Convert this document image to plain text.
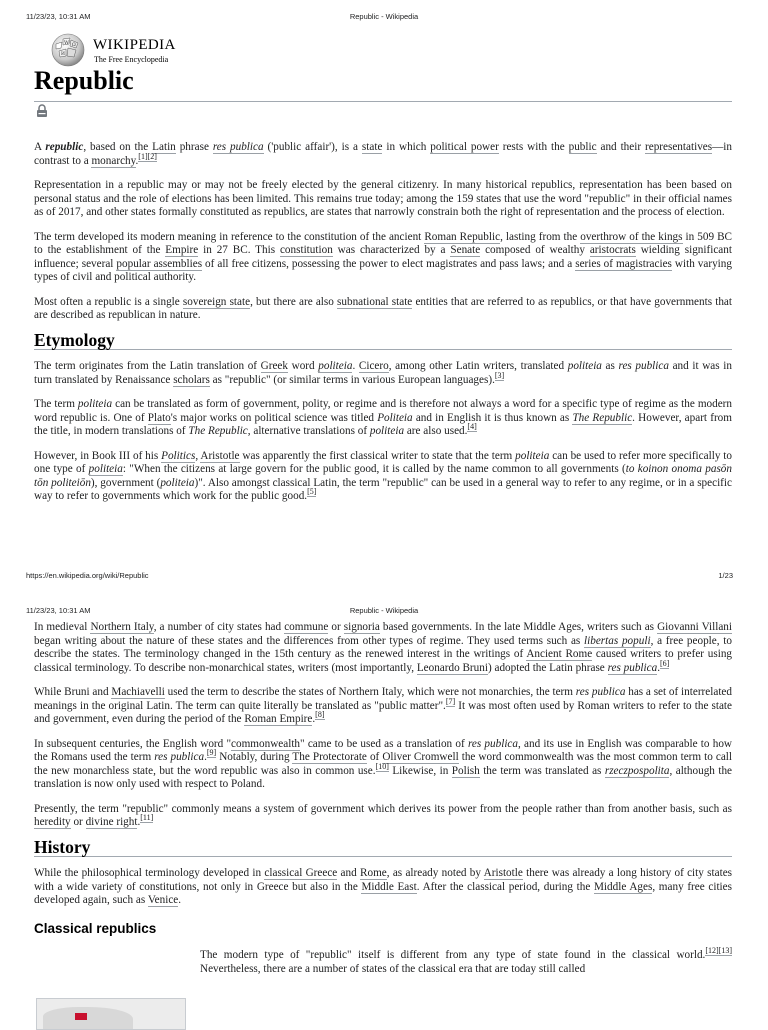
11/23/23, 10:31 AM	Republic - Wikipedia
W Ω
И
WIKIPEDIA
The Free Encyclopedia
Republic

A republic, based on the Latin phrase res publica ('public affair'), is a state in which political power rests with the public and their representatives—in contrast to a monarchy.[1][2]

Representation in a republic may or may not be freely elected by the general citizenry. In many historical republics, representation has been based on personal status and the role of elections has been limited. This remains true today; among the 159 states that use the word "republic" in their official names as of 2017, and other states formally constituted as republics, are states that narrowly constrain both the right of representation and the process of election.

The term developed its modern meaning in reference to the constitution of the ancient Roman Republic, lasting from the overthrow of the kings in 509 BC to the establishment of the Empire in 27 BC. This constitution was characterized by a Senate composed of wealthy aristocrats wielding significant influence; several popular assemblies of all free citizens, possessing the power to elect magistrates and pass laws; and a series of magistracies with varying types of civil and political authority.

Most often a republic is a single sovereign state, but there are also subnational state entities that are referred to as republics, or that have governments that are described as republican in nature.

Etymology

The term originates from the Latin translation of Greek word politeia. Cicero, among other Latin writers, translated politeia as res publica and it was in turn translated by Renaissance scholars as "republic" (or similar terms in various European languages).[3]

The term politeia can be translated as form of government, polity, or regime and is therefore not always a word for a specific type of regime as the modern word republic is. One of Plato's major works on political science was titled Politeia and in English it is thus known as The Republic. However, apart from the title, in modern translations of The Republic, alternative translations of politeia are also used.[4]

However, in Book III of his Politics, Aristotle was apparently the first classical writer to state that the term politeia can be used to refer more specifically to one type of politeia: "When the citizens at large govern for the public good, it is called by the name common to all governments (to koinon onoma pasōn tōn politeiōn), government (politeia)". Also amongst classical Latin, the term "republic" can be used in a general way to refer to any regime, or in a specific way to refer to governments which work for the public good.[5]

https://en.wikipedia.org/wiki/Republic	1/23
11/23/23, 10:31 AM	Republic - Wikipedia

In medieval Northern Italy, a number of city states had commune or signoria based governments. In the late Middle Ages, writers such as Giovanni Villani began writing about the nature of these states and the differences from other types of regime. They used terms such as libertas populi, a free people, to describe the states. The terminology changed in the 15th century as the renewed interest in the writings of Ancient Rome caused writers to prefer using classical terminology. To describe non-monarchical states, writers (most importantly, Leonardo Bruni) adopted the Latin phrase res publica.[6]

While Bruni and Machiavelli used the term to describe the states of Northern Italy, which were not monarchies, the term res publica has a set of interrelated meanings in the original Latin. The term can quite literally be translated as "public matter".[7] It was most often used by Roman writers to refer to the state and government, even during the period of the Roman Empire.[8]

In subsequent centuries, the English word "commonwealth" came to be used as a translation of res publica, and its use in English was comparable to how the Romans used the term res publica.[9] Notably, during The Protectorate of Oliver Cromwell the word commonwealth was the most common term to call the new monarchless state, but the word republic was also in common use.[10] Likewise, in Polish the term was translated as rzeczpospolita, although the translation is now only used with respect to Poland.

Presently, the term "republic" commonly means a system of government which derives its power from the people rather than from another basis, such as heredity or divine right.[11]

History

While the philosophical terminology developed in classical Greece and Rome, as already noted by Aristotle there was already a long history of city states with a wide variety of constitutions, not only in Greece but also in the Middle East. After the classical period, during the Middle Ages, many free cities developed again, such as Venice.

Classical republics

The modern type of "republic" itself is different from any type of state found in the classical world.[12][13] Nevertheless, there are a number of states of the classical era that are today still called
